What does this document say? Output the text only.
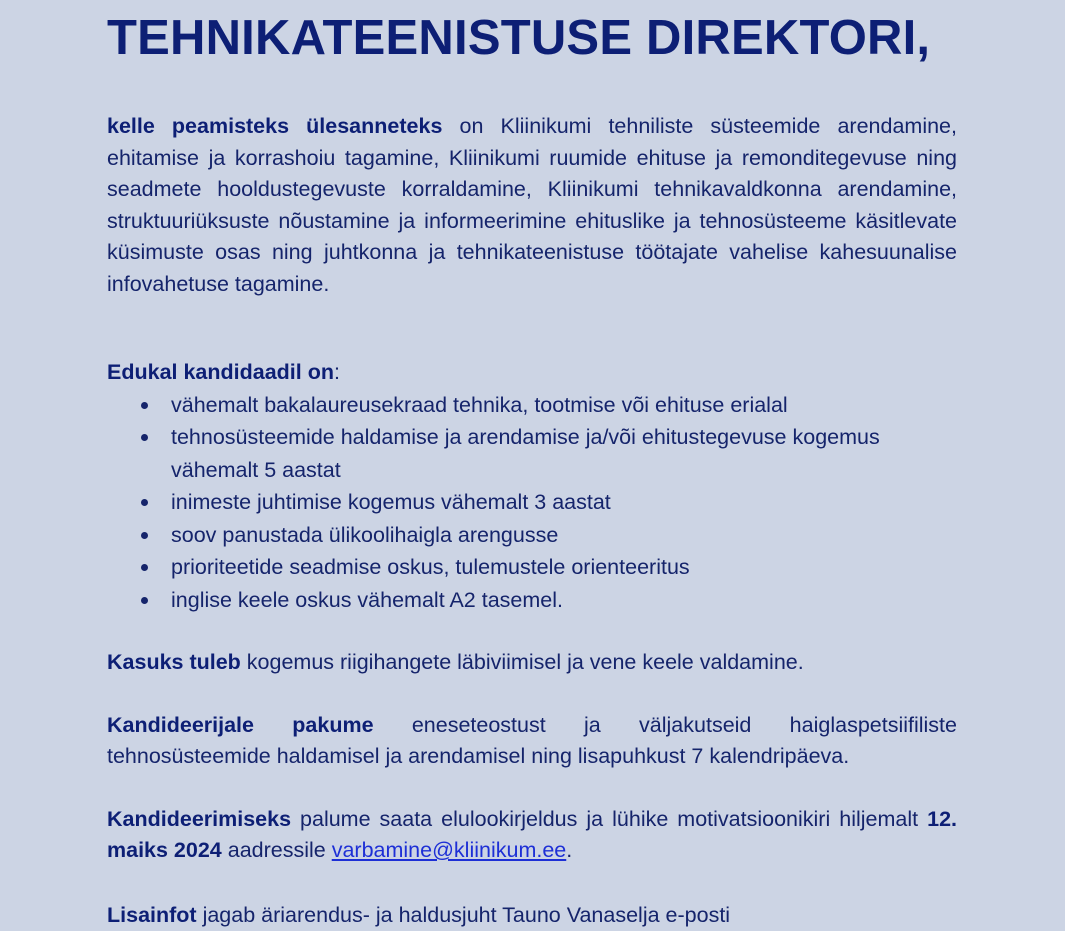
TEHNIKATEENISTUSE DIREKTORI,

kelle peamisteks ülesanneteks on Kliinikumi tehniliste süsteemide arendamine, ehitamise ja korrashoiu tagamine, Kliinikumi ruumide ehituse ja remonditegevuse ning seadmete hooldustegevuste korraldamine, Kliinikumi tehnikavaldkonna arendamine, struktuuriüksuste nõustamine ja informeerimine ehituslike ja tehnosüsteeme käsitlevate küsimuste osas ning juhtkonna ja tehnikateenistuse töötajate vahelise kahesuunalise infovahetuse tagamine.

Edukal kandidaadil on:

vähemalt bakalaureusekraad tehnika, tootmise või ehituse erialal
tehnosüsteemide haldamise ja arendamise ja/või ehitustegevuse kogemus vähemalt 5 aastat
inimeste juhtimise kogemus vähemalt 3 aastat
soov panustada ülikoolihaigla arengusse
prioriteetide seadmise oskus, tulemustele orienteeritus
inglise keele oskus vähemalt A2 tasemel.

Kasuks tuleb kogemus riigihangete läbiviimisel ja vene keele valdamine.

Kandideerijale pakume eneseteostust ja väljakutseid haiglaspetsiifiliste tehnosüsteemide haldamisel ja arendamisel ning lisapuhkust 7 kalendripäeva.

Kandideerimiseks palume saata elulookirjeldus ja lühike motivatsioonikiri hiljemalt 12. maiks 2024 aadressile varbamine@kliinikum.ee.

Lisainfot jagab äriarendus- ja haldusjuht Tauno Vanaselja e-posti
